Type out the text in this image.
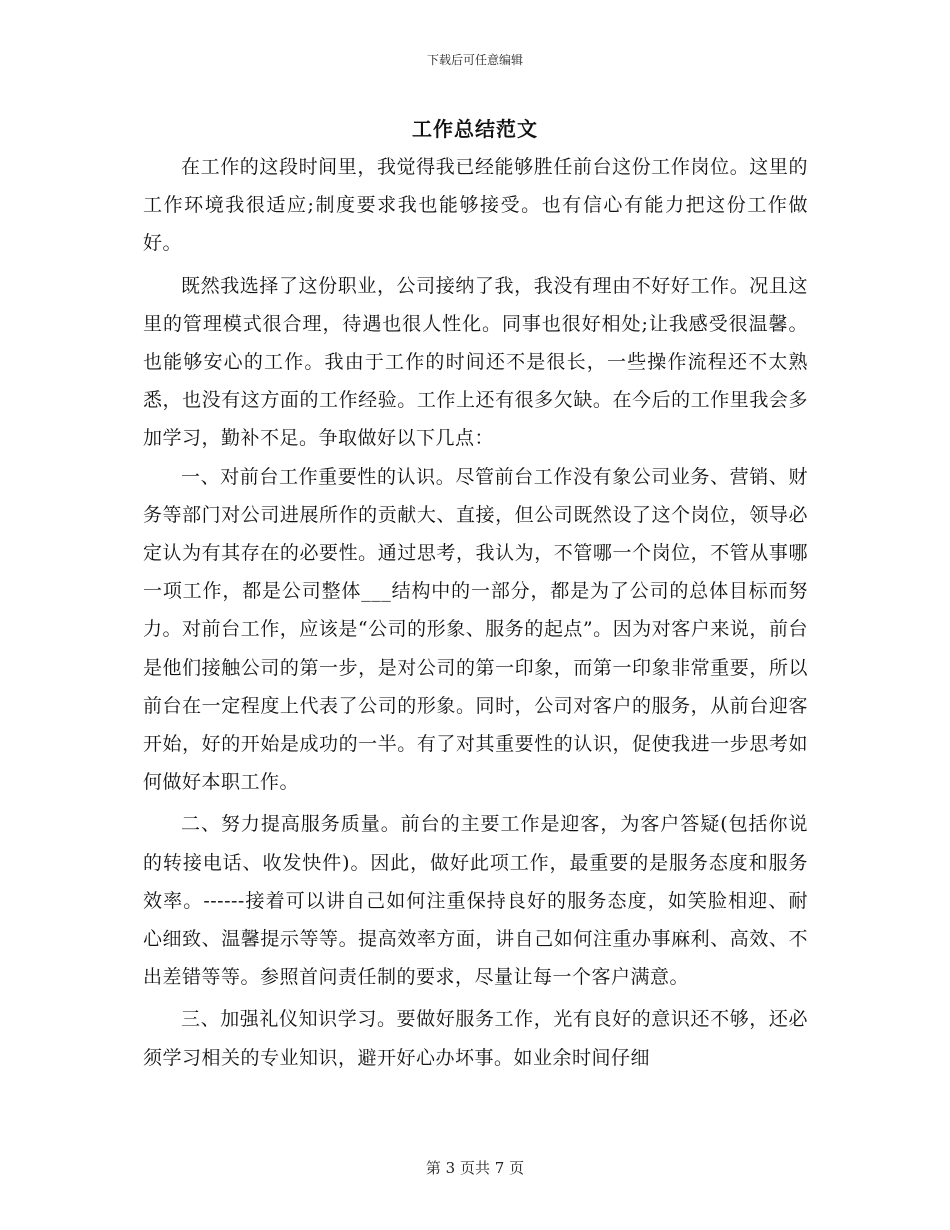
下载后可任意编辑
工作总结范文

在工作的这段时间里，我觉得我已经能够胜任前台这份工作岗位。这里的工作环境我很适应;制度要求我也能够接受。也有信心有能力把这份工作做好。

既然我选择了这份职业，公司接纳了我，我没有理由不好好工作。况且这里的管理模式很合理，待遇也很人性化。同事也很好相处;让我感受很温馨。也能够安心的工作。我由于工作的时间还不是很长，一些操作流程还不太熟悉，也没有这方面的工作经验。工作上还有很多欠缺。在今后的工作里我会多加学习，勤补不足。争取做好以下几点：

一、对前台工作重要性的认识。尽管前台工作没有象公司业务、营销、财务等部门对公司进展所作的贡献大、直接，但公司既然设了这个岗位，领导必定认为有其存在的必要性。通过思考，我认为，不管哪一个岗位，不管从事哪一项工作，都是公司整体___结构中的一部分，都是为了公司的总体目标而努力。对前台工作，应该是“公司的形象、服务的起点”。因为对客户来说，前台是他们接触公司的第一步，是对公司的第一印象，而第一印象非常重要，所以前台在一定程度上代表了公司的形象。同时，公司对客户的服务，从前台迎客开始，好的开始是成功的一半。有了对其重要性的认识，促使我进一步思考如何做好本职工作。

二、努力提高服务质量。前台的主要工作是迎客，为客户答疑(包括你说的转接电话、收发快件)。因此，做好此项工作，最重要的是服务态度和服务效率。------接着可以讲自己如何注重保持良好的服务态度，如笑脸相迎、耐心细致、温馨提示等等。提高效率方面，讲自己如何注重办事麻利、高效、不出差错等等。参照首问责任制的要求，尽量让每一个客户满意。

三、加强礼仪知识学习。要做好服务工作，光有良好的意识还不够，还必须学习相关的专业知识，避开好心办坏事。如业余时间仔细

第 3 页共 7 页
